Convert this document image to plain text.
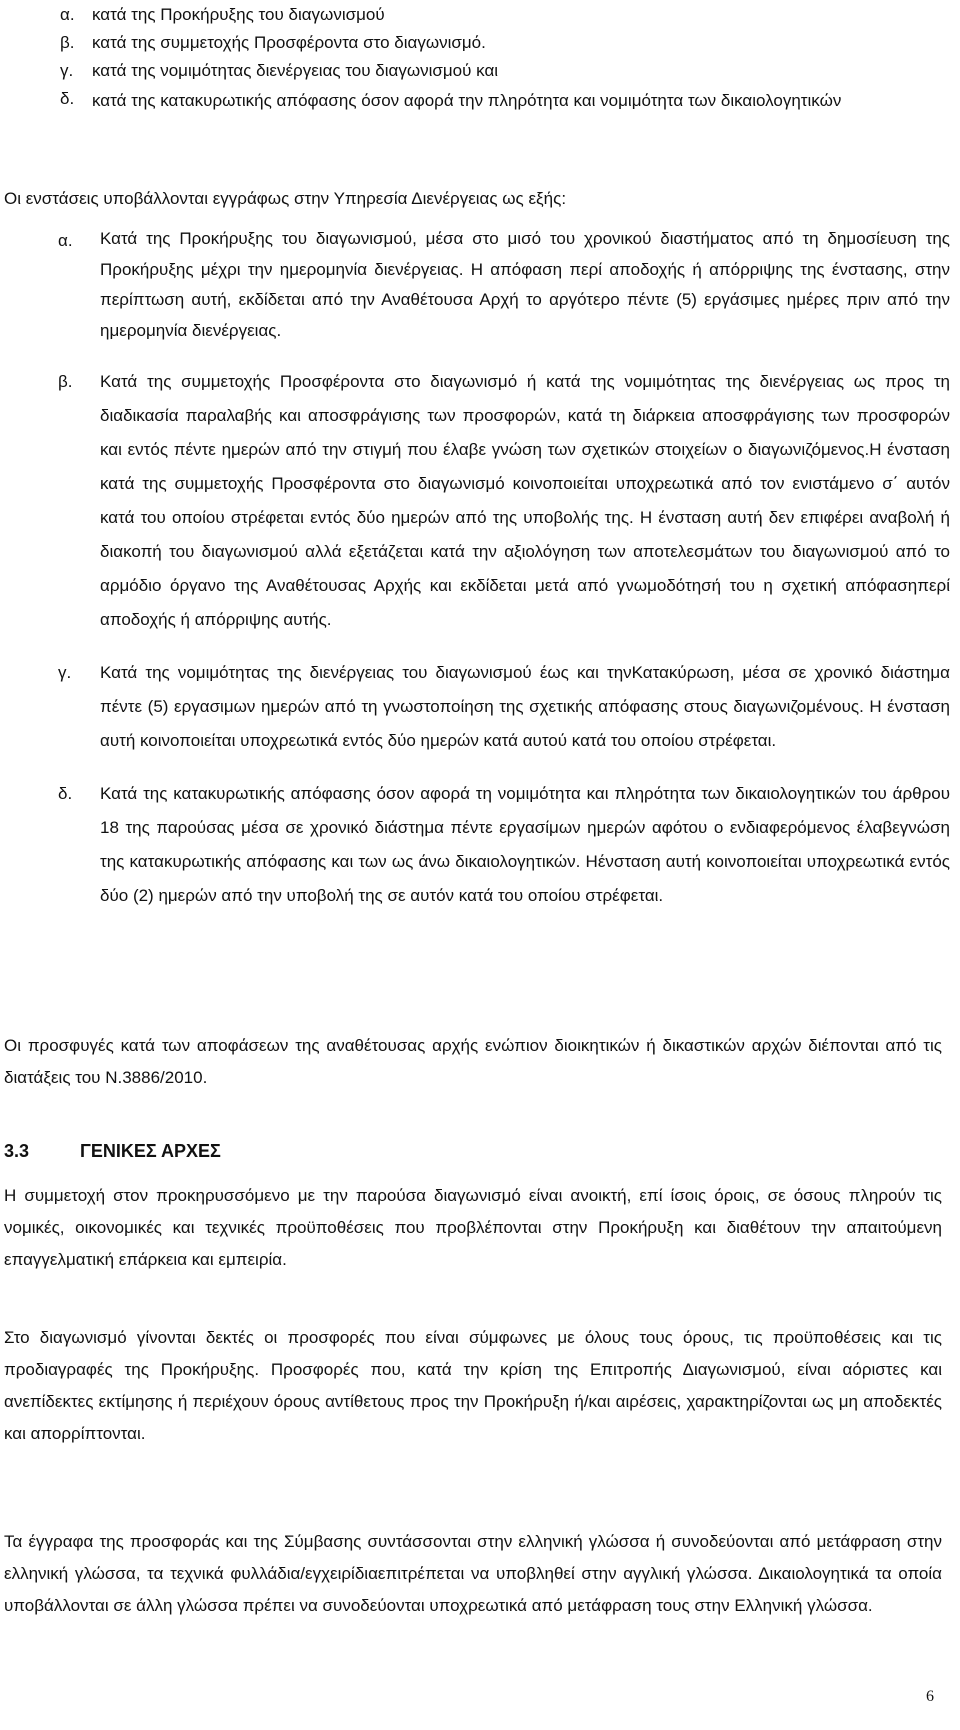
α.	κατά της Προκήρυξης του διαγωνισμού
β.	κατά της συμμετοχής Προσφέροντα στο διαγωνισμό.
γ.	κατά της νομιμότητας διενέργειας του διαγωνισμού και
δ.	κατά της κατακυρωτικής απόφασης όσον αφορά την πληρότητα και νομιμότητα των δικαιολογητικών
Οι ενστάσεις υποβάλλονται εγγράφως στην Υπηρεσία Διενέργειας ως εξής:
α.	Κατά της Προκήρυξης του διαγωνισμού, μέσα στο μισό του χρονικού διαστήματος από τη δημοσίευση της Προκήρυξης μέχρι την ημερομηνία διενέργειας. Η απόφαση περί αποδοχής ή απόρριψης της ένστασης, στην περίπτωση αυτή, εκδίδεται από την Αναθέτουσα Αρχή το αργότερο πέντε (5) εργάσιμες ημέρες πριν από την ημερομηνία διενέργειας.
β.	Κατά της συμμετοχής Προσφέροντα στο διαγωνισμό ή κατά της νομιμότητας της διενέργειας ως προς τη διαδικασία παραλαβής και αποσφράγισης των προσφορών, κατά τη διάρκεια αποσφράγισης των προσφορών και εντός πέντε ημερών από την στιγμή που έλαβε γνώση των σχετικών στοιχείων ο διαγωνιζόμενος.Η ένσταση κατά της συμμετοχής Προσφέροντα στο διαγωνισμό κοινοποιείται υποχρεωτικά από τον ενιστάμενο σ΄ αυτόν κατά του οποίου στρέφεται εντός δύο ημερών από της υποβολής της. Η ένσταση αυτή δεν επιφέρει αναβολή ή διακοπή του διαγωνισμού αλλά εξετάζεται κατά την αξιολόγηση των αποτελεσμάτων του διαγωνισμού από το αρμόδιο όργανο της Αναθέτουσας Αρχής και εκδίδεται μετά από γνωμοδότησή του η σχετική απόφασηπερί αποδοχής ή απόρριψης αυτής.
γ.	Κατά της νομιμότητας της διενέργειας του διαγωνισμού έως και τηνΚατακύρωση, μέσα σε χρονικό διάστημα πέντε (5) εργασιμων ημερών από τη γνωστοποίηση της σχετικής απόφασης στους διαγωνιζομένους. Η ένσταση αυτή κοινοποιείται υποχρεωτικά εντός δύο ημερών κατά αυτού κατά του οποίου στρέφεται.
δ.	Κατά της κατακυρωτικής απόφασης όσον αφορά τη νομιμότητα και πληρότητα των δικαιολογητικών του άρθρου 18 της παρούσας μέσα σε χρονικό διάστημα πέντε εργασίμων ημερών αφότου ο ενδιαφερόμενος έλαβεγνώση της κατακυρωτικής απόφασης και των ως άνω δικαιολογητικών. Ηένσταση αυτή κοινοποιείται υποχρεωτικά εντός δύο (2) ημερών από την υποβολή της σε αυτόν κατά του οποίου στρέφεται.
Οι προσφυγές κατά των αποφάσεων της αναθέτουσας αρχής ενώπιον διοικητικών ή δικαστικών αρχών διέπονται από τις διατάξεις του Ν.3886/2010.
3.3	ΓΕΝΙΚΕΣ ΑΡΧΕΣ
Η συμμετοχή στον προκηρυσσόμενο με την παρούσα διαγωνισμό είναι ανοικτή, επί ίσοις όροις, σε όσους πληρούν τις νομικές, οικονομικές και τεχνικές προϋποθέσεις που προβλέπονται στην Προκήρυξη και διαθέτουν την απαιτούμενη επαγγελματική επάρκεια και εμπειρία.
Στο διαγωνισμό γίνονται δεκτές οι προσφορές που είναι σύμφωνες με όλους τους όρους, τις προϋποθέσεις και τις προδιαγραφές της Προκήρυξης. Προσφορές που, κατά την κρίση της Επιτροπής Διαγωνισμού, είναι αόριστες και ανεπίδεκτες εκτίμησης ή περιέχουν όρους αντίθετους προς την Προκήρυξη ή/και αιρέσεις, χαρακτηρίζονται ως μη αποδεκτές και απορρίπτονται.
Τα έγγραφα της προσφοράς και της Σύμβασης συντάσσονται στην ελληνική γλώσσα ή συνοδεύονται από μετάφραση στην ελληνική γλώσσα, τα τεχνικά φυλλάδια/εγχειρίδιαεπιτρέπεται να υποβληθεί στην αγγλική γλώσσα. Δικαιολογητικά τα οποία υποβάλλονται σε άλλη γλώσσα πρέπει να συνοδεύονται υποχρεωτικά από μετάφραση τους στην Ελληνική γλώσσα.
6
